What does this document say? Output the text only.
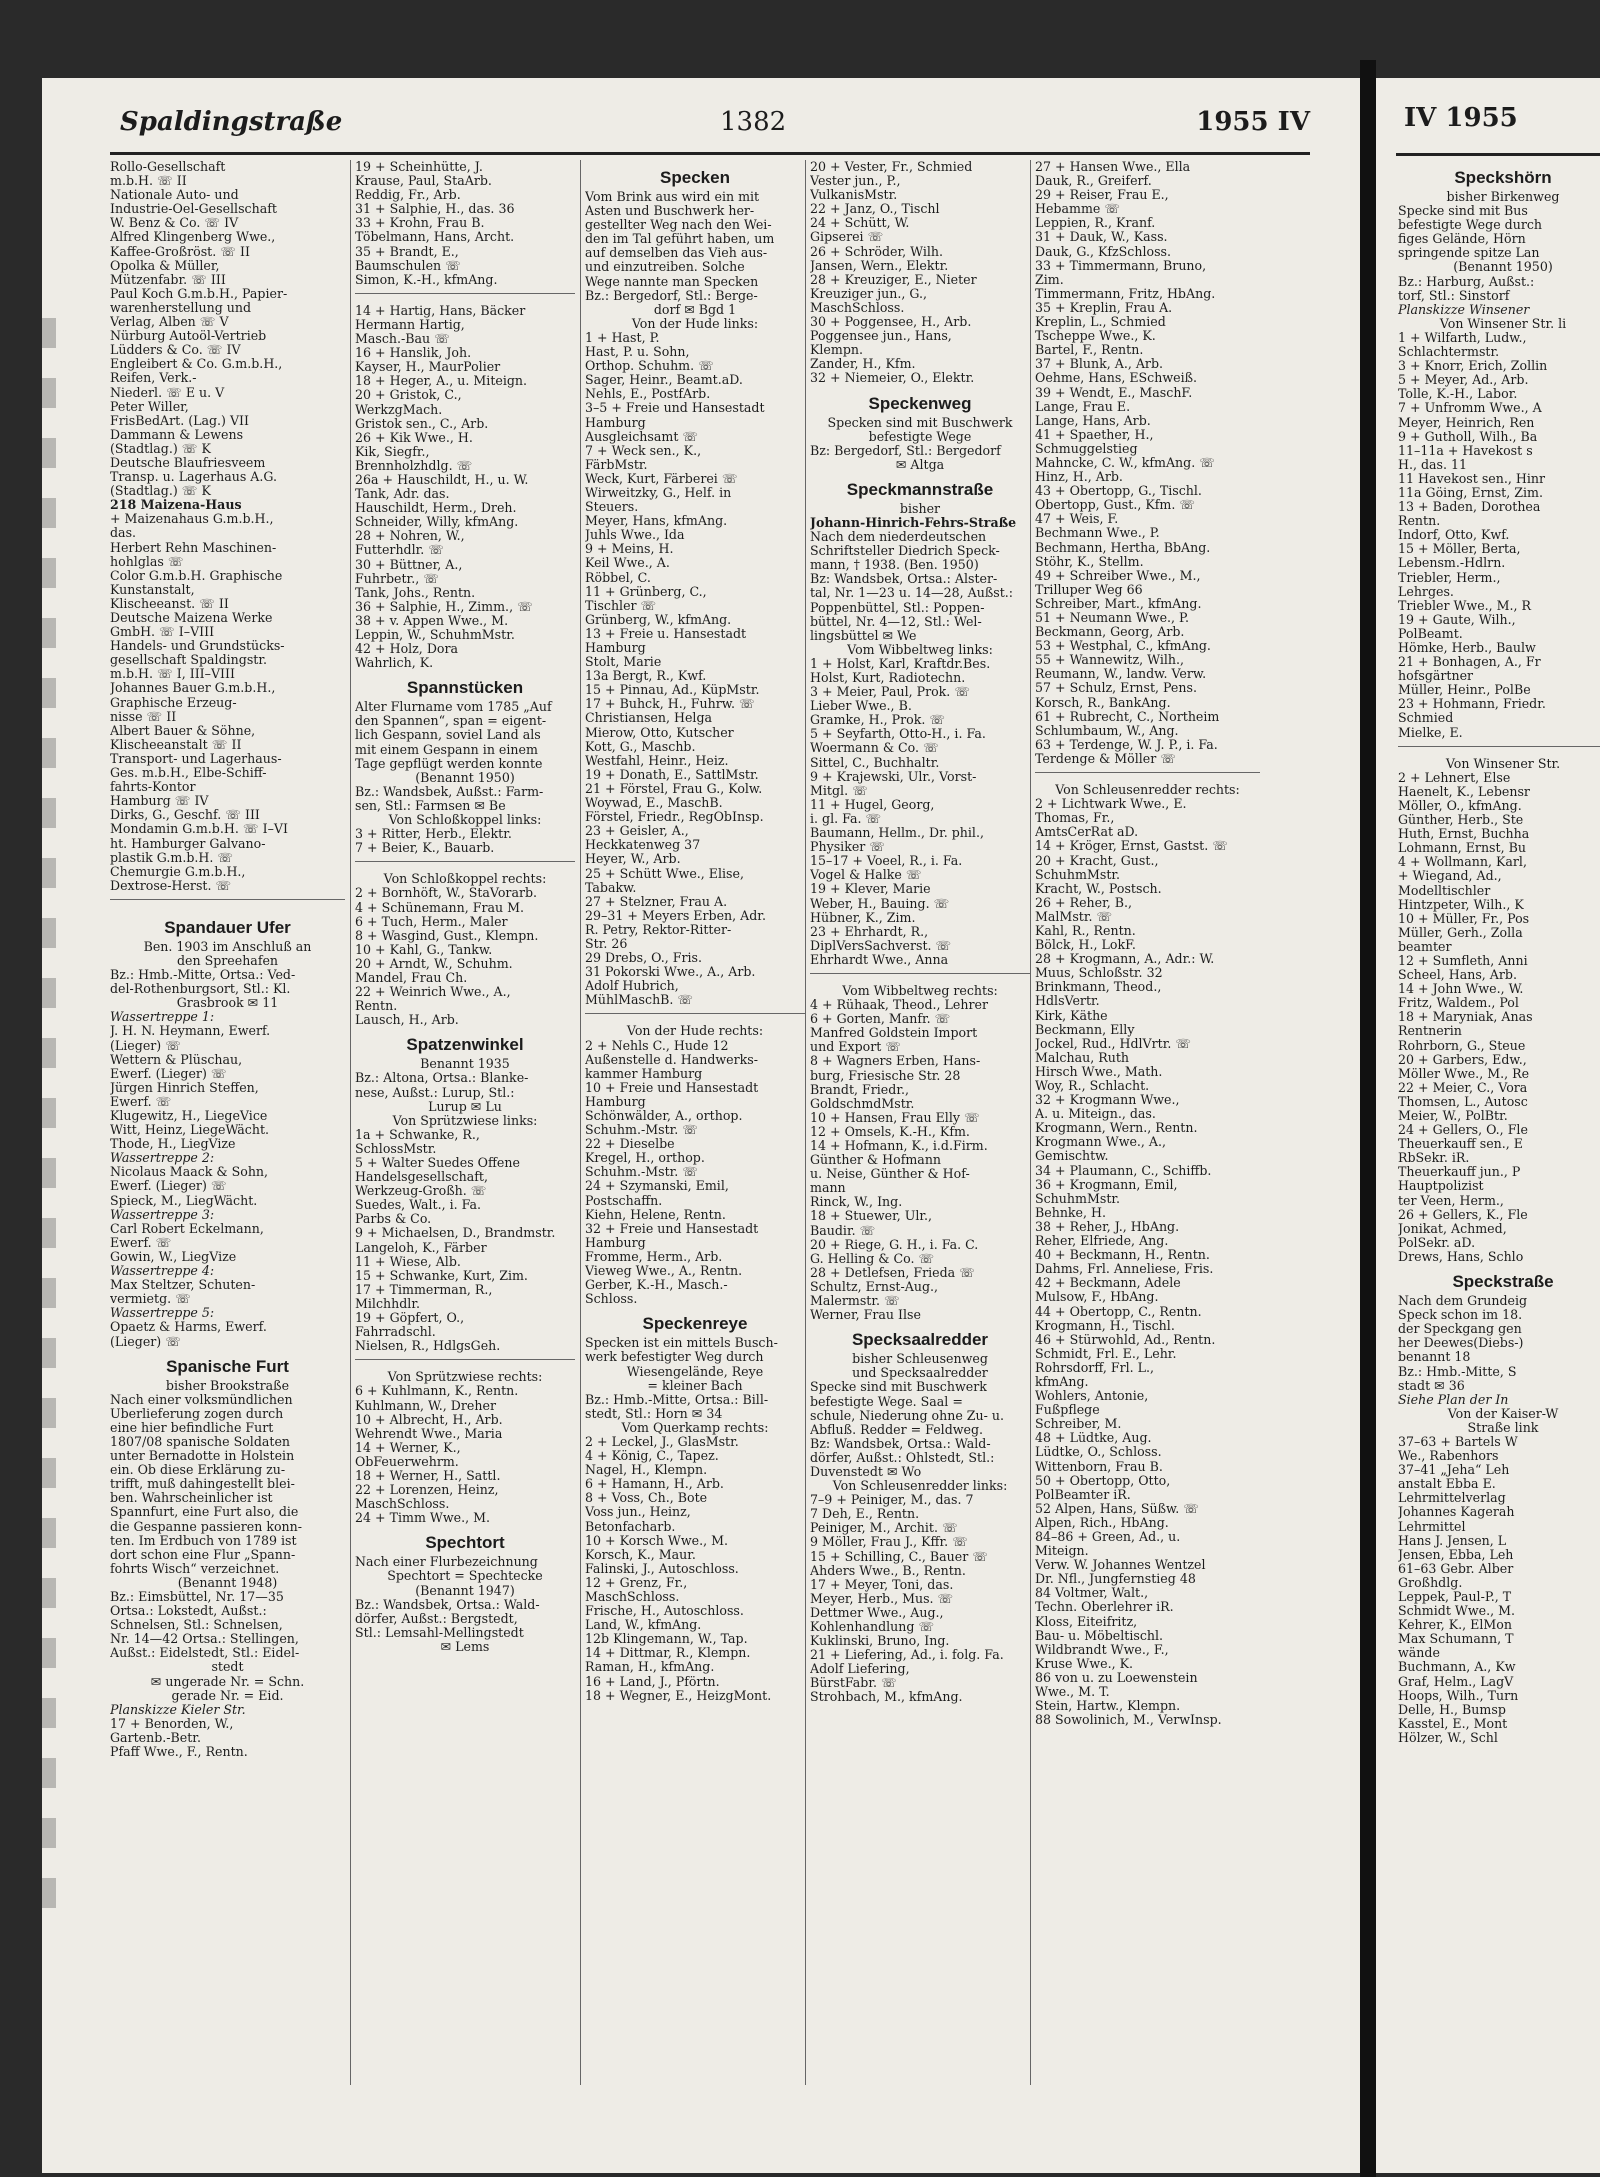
Spaldingstraße	1382	1955 IV
Rollo-Gesellschaft
m.b.H. ☏ II
Nationale Auto- und
Industrie-Oel-Gesellschaft
W. Benz & Co. ☏ IV
Alfred Klingenberg Wwe.,
Kaffee-Großröst. ☏ II
Opolka & Müller,
Mützenfabr. ☏ III
Paul Koch G.m.b.H., Papier-
warenherstellung und
Verlag, Alben ☏ V
Nürburg Autoöl-Vertrieb
Lüdders & Co. ☏ IV
Engleibert & Co. G.m.b.H.,
Reifen, Verk.-
Niederl. ☏ E u. V
Peter Willer,
FrisBedArt. (Lag.) VII
Dammann & Lewens
(Stadtlag.) ☏ K
Deutsche Blaufriesveem
Transp. u. Lagerhaus A.G.
(Stadtlag.) ☏ K
218 Maizena-Haus
+ Maizenahaus G.m.b.H.,
das.
Herbert Rehn Maschinen-
hohlglas ☏
Color G.m.b.H. Graphische
Kunstanstalt,
Klischeeanst. ☏ II
Deutsche Maizena Werke
GmbH. ☏ I–VIII
Handels- und Grundstücks-
gesellschaft Spaldingstr.
m.b.H. ☏ I, III–VIII
Johannes Bauer G.m.b.H.,
Graphische Erzeug-
nisse ☏ II
Albert Bauer & Söhne,
Klischeeanstalt ☏ II
Transport- und Lagerhaus-
Ges. m.b.H., Elbe-Schiff-
fahrts-Kontor
Hamburg ☏ IV
Dirks, G., Geschf. ☏ III
Mondamin G.m.b.H. ☏ I–VI
ht. Hamburger Galvano-
plastik G.m.b.H. ☏
Chemurgie G.m.b.H.,
Dextrose-Herst. ☏
Spandauer Ufer
Ben. 1903 im Anschluß an
den Spreehafen
Bz.: Hmb.-Mitte, Ortsa.: Ved-
del-Rothenburgsort, Stl.: Kl.
Grasbrook ✉ 11
Wassertreppe 1:
J. H. N. Heymann, Ewerf.
(Lieger) ☏
Wettern & Plüschau,
Ewerf. (Lieger) ☏
Jürgen Hinrich Steffen,
Ewerf. ☏
Klugewitz, H., LiegeVice
Witt, Heinz, LiegeWächt.
Thode, H., LiegVize
Wassertreppe 2:
Nicolaus Maack & Sohn,
Ewerf. (Lieger) ☏
Spieck, M., LiegWächt.
Wassertreppe 3:
Carl Robert Eckelmann,
Ewerf. ☏
Gowin, W., LiegVize
Wassertreppe 4:
Max Steltzer, Schuten-
vermietg. ☏
Wassertreppe 5:
Opaetz & Harms, Ewerf.
(Lieger) ☏
Spanische Furt
bisher Brookstraße
Nach einer volksmündlichen
Überlieferung zogen durch
eine hier befindliche Furt
1807/08 spanische Soldaten
unter Bernadotte in Holstein
ein. Ob diese Erklärung zu-
trifft, muß dahingestellt blei-
ben. Wahrscheinlicher ist
Spannfurt, eine Furt also, die
die Gespanne passieren konn-
ten. Im Erdbuch von 1789 ist
dort schon eine Flur „Spann-
fohrts Wisch“ verzeichnet.
(Benannt 1948)
Bz.: Eimsbüttel, Nr. 17—35
Ortsa.: Lokstedt, Außst.:
Schnelsen, Stl.: Schnelsen,
Nr. 14—42 Ortsa.: Stellingen,
Außst.: Eidelstedt, Stl.: Eidel-
stedt
✉ ungerade Nr. = Schn.
gerade Nr. = Eid.
Planskizze Kieler Str.
17 + Benorden, W.,
Gartenb.-Betr.
Pfaff Wwe., F., Rentn.
19 + Scheinhütte, J.
Krause, Paul, StaArb.
Reddig, Fr., Arb.
31 + Salphie, H., das. 36
33 + Krohn, Frau B.
Töbelmann, Hans, Archt.
35 + Brandt, E.,
Baumschulen ☏
Simon, K.-H., kfmAng.
14 + Hartig, Hans, Bäcker
Hermann Hartig,
Masch.-Bau ☏
16 + Hanslik, Joh.
Kayser, H., MaurPolier
18 + Heger, A., u. Miteign.
20 + Gristok, C.,
WerkzgMach.
Gristok sen., C., Arb.
26 + Kik Wwe., H.
Kik, Siegfr.,
Brennholzhdlg. ☏
26a + Hauschildt, H., u. W.
Tank, Adr. das.
Hauschildt, Herm., Dreh.
Schneider, Willy, kfmAng.
28 + Nohren, W.,
Futterhdlr. ☏
30 + Büttner, A.,
Fuhrbetr., ☏
Tank, Johs., Rentn.
36 + Salphie, H., Zimm., ☏
38 + v. Appen Wwe., M.
Leppin, W., SchuhmMstr.
42 + Holz, Dora
Wahrlich, K.
Spannstücken
Alter Flurname vom 1785 „Auf
den Spannen“, span = eigent-
lich Gespann, soviel Land als
mit einem Gespann in einem
Tage gepflügt werden konnte
(Benannt 1950)
Bz.: Wandsbek, Außst.: Farm-
sen, Stl.: Farmsen ✉ Be
Von Schloßkoppel links:
3 + Ritter, Herb., Elektr.
7 + Beier, K., Bauarb.
Von Schloßkoppel rechts:
2 + Bornhöft, W., StaVorarb.
4 + Schünemann, Frau M.
6 + Tuch, Herm., Maler
8 + Wasgind, Gust., Klempn.
10 + Kahl, G., Tankw.
20 + Arndt, W., Schuhm.
Mandel, Frau Ch.
22 + Weinrich Wwe., A.,
Rentn.
Lausch, H., Arb.
Spatzenwinkel
Benannt 1935
Bz.: Altona, Ortsa.: Blanke-
nese, Außst.: Lurup, Stl.:
Lurup ✉ Lu
Von Sprützwiese links:
1a + Schwanke, R.,
SchlossMstr.
5 + Walter Suedes Offene
Handelsgesellschaft,
Werkzeug-Großh. ☏
Suedes, Walt., i. Fa.
Parbs & Co.
9 + Michaelsen, D., Brandmstr.
Langeloh, K., Färber
11 + Wiese, Alb.
15 + Schwanke, Kurt, Zim.
17 + Timmerman, R.,
Milchhdlr.
19 + Göpfert, O.,
Fahrradschl.
Nielsen, R., HdlgsGeh.
Von Sprützwiese rechts:
6 + Kuhlmann, K., Rentn.
Kuhlmann, W., Dreher
10 + Albrecht, H., Arb.
Wehrendt Wwe., Maria
14 + Werner, K.,
ObFeuerwehrm.
18 + Werner, H., Sattl.
22 + Lorenzen, Heinz,
MaschSchloss.
24 + Timm Wwe., M.
Spechtort
Nach einer Flurbezeichnung
Spechtort = Spechtecke
(Benannt 1947)
Bz.: Wandsbek, Ortsa.: Wald-
dörfer, Außst.: Bergstedt,
Stl.: Lemsahl-Mellingstedt
✉ Lems
Specken
Vom Brink aus wird ein mit
Asten und Buschwerk her-
gestellter Weg nach den Wei-
den im Tal geführt haben, um
auf demselben das Vieh aus-
und einzutreiben. Solche
Wege nannte man Specken
Bz.: Bergedorf, Stl.: Berge-
dorf ✉ Bgd 1
Von der Hude links:
1 + Hast, P.
Hast, P. u. Sohn,
Orthop. Schuhm. ☏
Sager, Heinr., Beamt.aD.
Nehls, E., PostfArb.
3–5 + Freie und Hansestadt
Hamburg
Ausgleichsamt ☏
7 + Weck sen., K.,
FärbMstr.
Weck, Kurt, Färberei ☏
Wirweitzky, G., Helf. in
Steuers.
Meyer, Hans, kfmAng.
Juhls Wwe., Ida
9 + Meins, H.
Keil Wwe., A.
Röbbel, C.
11 + Grünberg, C.,
Tischler ☏
Grünberg, W., kfmAng.
13 + Freie u. Hansestadt
Hamburg
Stolt, Marie
13a Bergt, R., Kwf.
15 + Pinnau, Ad., KüpMstr.
17 + Buhck, H., Fuhrw. ☏
Christiansen, Helga
Mierow, Otto, Kutscher
Kott, G., Maschb.
Westfahl, Heinr., Heiz.
19 + Donath, E., SattlMstr.
21 + Förstel, Frau G., Kolw.
Woywad, E., MaschB.
Förstel, Friedr., RegObInsp.
23 + Geisler, A.,
Heckkatenweg 37
Heyer, W., Arb.
25 + Schütt Wwe., Elise,
Tabakw.
27 + Stelzner, Frau A.
29–31 + Meyers Erben, Adr.
R. Petry, Rektor-Ritter-
Str. 26
29 Drebs, O., Fris.
31 Pokorski Wwe., A., Arb.
Adolf Hubrich,
MühlMaschB. ☏
Von der Hude rechts:
2 + Nehls C., Hude 12
Außenstelle d. Handwerks-
kammer Hamburg
10 + Freie und Hansestadt
Hamburg
Schönwälder, A., orthop.
Schuhm.-Mstr. ☏
22 + Dieselbe
Kregel, H., orthop.
Schuhm.-Mstr. ☏
24 + Szymanski, Emil,
Postschaffn.
Kiehn, Helene, Rentn.
32 + Freie und Hansestadt
Hamburg
Fromme, Herm., Arb.
Vieweg Wwe., A., Rentn.
Gerber, K.-H., Masch.-
Schloss.
Speckenreye
Specken ist ein mittels Busch-
werk befestigter Weg durch
Wiesengelände, Reye
= kleiner Bach
Bz.: Hmb.-Mitte, Ortsa.: Bill-
stedt, Stl.: Horn ✉ 34
Vom Querkamp rechts:
2 + Leckel, J., GlasMstr.
4 + König, C., Tapez.
Nagel, H., Klempn.
6 + Hamann, H., Arb.
8 + Voss, Ch., Bote
Voss jun., Heinz,
Betonfacharb.
10 + Korsch Wwe., M.
Korsch, K., Maur.
Falinski, J., Autoschloss.
12 + Grenz, Fr.,
MaschSchloss.
Frische, H., Autoschloss.
Land, W., kfmAng.
12b Klingemann, W., Tap.
14 + Dittmar, R., Klempn.
Raman, H., kfmAng.
16 + Land, J., Pförtn.
18 + Wegner, E., HeizgMont.
20 + Vester, Fr., Schmied
Vester jun., P.,
VulkanisMstr.
22 + Janz, O., Tischl
24 + Schütt, W.
Gipserei ☏
26 + Schröder, Wilh.
Jansen, Wern., Elektr.
28 + Kreuziger, E., Nieter
Kreuziger jun., G.,
MaschSchloss.
30 + Poggensee, H., Arb.
Poggensee jun., Hans,
Klempn.
Zander, H., Kfm.
32 + Niemeier, O., Elektr.
Speckenweg
Specken sind mit Buschwerk
befestigte Wege
Bz: Bergedorf, Stl.: Bergedorf
✉ Altga
Speckmannstraße
bisher
Johann-Hinrich-Fehrs-Straße
Nach dem niederdeutschen
Schriftsteller Diedrich Speck-
mann, † 1938. (Ben. 1950)
Bz: Wandsbek, Ortsa.: Alster-
tal, Nr. 1—23 u. 14—28, Außst.:
Poppenbüttel, Stl.: Poppen-
büttel, Nr. 4—12, Stl.: Wel-
lingsbüttel ✉ We
Vom Wibbeltweg links:
1 + Holst, Karl, Kraftdr.Bes.
Holst, Kurt, Radiotechn.
3 + Meier, Paul, Prok. ☏
Lieber Wwe., B.
Gramke, H., Prok. ☏
5 + Seyfarth, Otto-H., i. Fa.
Woermann & Co. ☏
Sittel, C., Buchhaltr.
9 + Krajewski, Ulr., Vorst-
Mitgl. ☏
11 + Hugel, Georg,
i. gl. Fa. ☏
Baumann, Hellm., Dr. phil.,
Physiker ☏
15–17 + Voeel, R., i. Fa.
Vogel & Halke ☏
19 + Klever, Marie
Weber, H., Bauing. ☏
Hübner, K., Zim.
23 + Ehrhardt, R.,
DiplVersSachverst. ☏
Ehrhardt Wwe., Anna
Vom Wibbeltweg rechts:
4 + Rühaak, Theod., Lehrer
6 + Gorten, Manfr. ☏
Manfred Goldstein Import
und Export ☏
8 + Wagners Erben, Hans-
burg, Friesische Str. 28
Brandt, Friedr.,
GoldschmdMstr.
10 + Hansen, Frau Elly ☏
12 + Omsels, K.-H., Kfm.
14 + Hofmann, K., i.d.Firm.
Günther & Hofmann
u. Neise, Günther & Hof-
mann
Rinck, W., Ing.
18 + Stuewer, Ulr.,
Baudir. ☏
20 + Riege, G. H., i. Fa. C.
G. Helling & Co. ☏
28 + Detlefsen, Frieda ☏
Schultz, Ernst-Aug.,
Malermstr. ☏
Werner, Frau Ilse
Specksaalredder
bisher Schleusenweg
und Specksaalredder
Specke sind mit Buschwerk
befestigte Wege. Saal =
schule, Niederung ohne Zu- u.
Abfluß. Redder = Feldweg.
Bz: Wandsbek, Ortsa.: Wald-
dörfer, Außst.: Ohlstedt, Stl.:
Duvenstedt ✉ Wo
Von Schleusenredder links:
7–9 + Peiniger, M., das. 7
7 Deh, E., Rentn.
Peiniger, M., Archit. ☏
9 Möller, Frau J., Kffr. ☏
15 + Schilling, C., Bauer ☏
Ahders Wwe., B., Rentn.
17 + Meyer, Toni, das.
Meyer, Herb., Mus. ☏
Dettmer Wwe., Aug.,
Kohlenhandlung ☏
Kuklinski, Bruno, Ing.
21 + Liefering, Ad., i. folg. Fa.
Adolf Liefering,
BürstFabr. ☏
Strohbach, M., kfmAng.
27 + Hansen Wwe., Ella
Dauk, R., Greiferf.
29 + Reiser, Frau E.,
Hebamme ☏
Leppien, R., Kranf.
31 + Dauk, W., Kass.
Dauk, G., KfzSchloss.
33 + Timmermann, Bruno,
Zim.
Timmermann, Fritz, HbAng.
35 + Kreplin, Frau A.
Kreplin, L., Schmied
Tscheppe Wwe., K.
Bartel, F., Rentn.
37 + Blunk, A., Arb.
Oehme, Hans, ESchweiß.
39 + Wendt, E., MaschF.
Lange, Frau E.
Lange, Hans, Arb.
41 + Spaether, H.,
Schmuggelstieg
Mahncke, C. W., kfmAng. ☏
Hinz, H., Arb.
43 + Obertopp, G., Tischl.
Obertopp, Gust., Kfm. ☏
47 + Weis, F.
Bechmann Wwe., P.
Bechmann, Hertha, BbAng.
Stöhr, K., Stellm.
49 + Schreiber Wwe., M.,
Trilluper Weg 66
Schreiber, Mart., kfmAng.
51 + Neumann Wwe., P.
Beckmann, Georg, Arb.
53 + Westphal, C., kfmAng.
55 + Wannewitz, Wilh.,
Reumann, W., landw. Verw.
57 + Schulz, Ernst, Pens.
Korsch, R., BankAng.
61 + Rubrecht, C., Northeim
Schlumbaum, W., Ang.
63 + Terdenge, W. J. P., i. Fa.
Terdenge & Möller ☏
Von Schleusenredder rechts:
2 + Lichtwark Wwe., E.
Thomas, Fr.,
AmtsCerRat aD.
14 + Kröger, Ernst, Gastst. ☏
20 + Kracht, Gust.,
SchuhmMstr.
Kracht, W., Postsch.
26 + Reher, B.,
MalMstr. ☏
Kahl, R., Rentn.
Bölck, H., LokF.
28 + Krogmann, A., Adr.: W.
Muus, Schloßstr. 32
Brinkmann, Theod.,
HdlsVertr.
Kirk, Käthe
Beckmann, Elly
Jockel, Rud., HdlVrtr. ☏
Malchau, Ruth
Hirsch Wwe., Math.
Woy, R., Schlacht.
32 + Krogmann Wwe.,
A. u. Miteign., das.
Krogmann, Wern., Rentn.
Krogmann Wwe., A.,
Gemischtw.
34 + Plaumann, C., Schiffb.
36 + Krogmann, Emil,
SchuhmMstr.
Behnke, H.
38 + Reher, J., HbAng.
Reher, Elfriede, Ang.
40 + Beckmann, H., Rentn.
Dahms, Frl. Anneliese, Fris.
42 + Beckmann, Adele
Mulsow, F., HbAng.
44 + Obertopp, C., Rentn.
Krogmann, H., Tischl.
46 + Stürwohld, Ad., Rentn.
Schmidt, Frl. E., Lehr.
Rohrsdorff, Frl. L.,
kfmAng.
Wohlers, Antonie,
Fußpflege
Schreiber, M.
48 + Lüdtke, Aug.
Lüdtke, O., Schloss.
Wittenborn, Frau B.
50 + Obertopp, Otto,
PolBeamter iR.
52 Alpen, Hans, Süßw. ☏
Alpen, Rich., HbAng.
84–86 + Green, Ad., u.
Miteign.
Verw. W. Johannes Wentzel
Dr. Nfl., Jungfernstieg 48
84 Voltmer, Walt.,
Techn. Oberlehrer iR.
Kloss, Eiteifritz,
Bau- u. Möbeltischl.
Wildbrandt Wwe., F.,
Kruse Wwe., K.
86 von u. zu Loewenstein
Wwe., M. T.
Stein, Hartw., Klempn.
88 Sowolinich, M., VerwInsp.
IV 1955
Speckshörn
bisher Birkenweg
Specke sind mit Bus
befestigte Wege durch
figes Gelände, Hörn
springende spitze Lan
(Benannt 1950)
Bz.: Harburg, Außst.:
torf, Stl.: Sinstorf
Planskizze Winsener
Von Winsener Str. li
1 + Wilfarth, Ludw.,
Schlachtermstr.
3 + Knorr, Erich, Zollin
5 + Meyer, Ad., Arb.
Tolle, K.-H., Labor.
7 + Unfromm Wwe., A
Meyer, Heinrich, Ren
9 + Gutholl, Wilh., Ba
11–11a + Havekost s
H., das. 11
11 Havekost sen., Hinr
11a Göing, Ernst, Zim.
13 + Baden, Dorothea
Rentn.
Indorf, Otto, Kwf.
15 + Möller, Berta,
Lebensm.-Hdlrn.
Triebler, Herm.,
Lehrges.
Triebler Wwe., M., R
19 + Gaute, Wilh.,
PolBeamt.
Hömke, Herb., Baulw
21 + Bonhagen, A., Fr
hofsgärtner
Müller, Heinr., PolBe
23 + Hohmann, Friedr.
Schmied
Mielke, E.
Von Winsener Str.
2 + Lehnert, Else
Haenelt, K., Lebensr
Möller, O., kfmAng.
Günther, Herb., Ste
Huth, Ernst, Buchha
Lohmann, Ernst, Bu
4 + Wollmann, Karl,
+ Wiegand, Ad.,
Modelltischler
Hintzpeter, Wilh., K
10 + Müller, Fr., Pos
Müller, Gerh., Zolla
beamter
12 + Sumfleth, Anni
Scheel, Hans, Arb.
14 + John Wwe., W.
Fritz, Waldem., Pol
18 + Maryniak, Anas
Rentnerin
Rohrborn, G., Steue
20 + Garbers, Edw.,
Möller Wwe., M., Re
22 + Meier, C., Vora
Thomsen, L., Autosc
Meier, W., PolBtr.
24 + Gellers, O., Fle
Theuerkauff sen., E
RbSekr. iR.
Theuerkauff jun., P
Hauptpolizist
ter Veen, Herm.,
26 + Gellers, K., Fle
Jonikat, Achmed,
PolSekr. aD.
Drews, Hans, Schlo
Speckstraße
Nach dem Grundeig
Speck schon im 18.
der Speckgang gen
her Deewes(Diebs-)
benannt 18
Bz.: Hmb.-Mitte, S
stadt ✉ 36
Siehe Plan der In
Von der Kaiser-W
Straße link
37–63 + Bartels W
We., Rabenhors
37–41 „Jeha“ Leh
anstalt Ebba E.
Lehrmittelverlag
Johannes Kagerah
Lehrmittel
Hans J. Jensen, L
Jensen, Ebba, Leh
61–63 Gebr. Alber
Großhdlg.
Leppek, Paul-P., T
Schmidt Wwe., M.
Kehrer, K., ElMon
Max Schumann, T
wände
Buchmann, A., Kw
Graf, Helm., LagV
Hoops, Wilh., Turn
Delle, H., Bumsp
Kasstel, E., Mont
Hölzer, W., Schl
